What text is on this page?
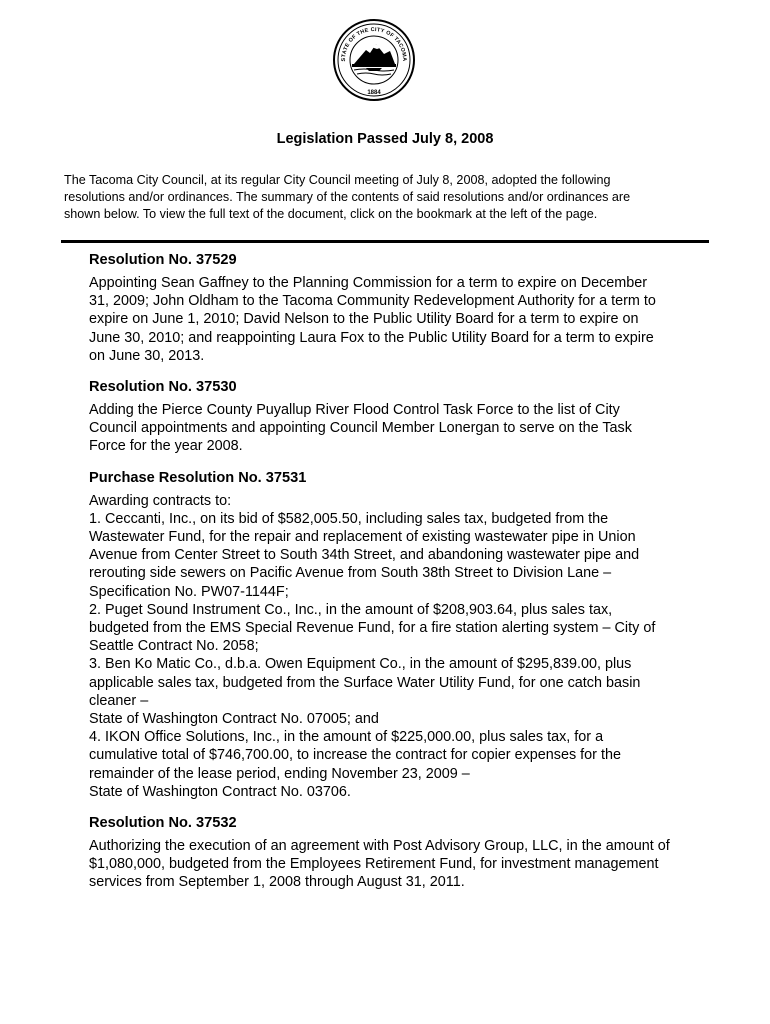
STATE OF THE CITY OF TACOMA
1884
Legislation Passed July 8, 2008

The Tacoma City Council, at its regular City Council meeting of July 8, 2008, adopted the following

resolutions and/or ordinances. The summary of the contents of said resolutions and/or ordinances are

shown below. To view the full text of the document, click on the bookmark at the left of the page.

Resolution No. 37529

Appointing Sean Gaffney to the Planning Commission for a term to expire on December

31, 2009; John Oldham to the Tacoma Community Redevelopment Authority for a term to

expire on June 1, 2010; David Nelson to the Public Utility Board for a term to expire on

June 30, 2010; and reappointing Laura Fox to the Public Utility Board for a term to expire

on June 30, 2013.

Resolution No. 37530

Adding the Pierce County Puyallup River Flood Control Task Force to the list of City

Council appointments and appointing Council Member Lonergan to serve on the Task

Force for the year 2008.

Purchase Resolution No. 37531

Awarding contracts to:

1. Ceccanti, Inc., on its bid of $582,005.50, including sales tax, budgeted from the

Wastewater Fund, for the repair and replacement of existing wastewater pipe in Union

Avenue from Center Street to South 34th Street, and abandoning wastewater pipe and

rerouting side sewers on Pacific Avenue from South 38th Street to Division Lane –

Specification No. PW07-1144F;

2. Puget Sound Instrument Co., Inc., in the amount of $208,903.64, plus sales tax,

budgeted from the EMS Special Revenue Fund, for a fire station alerting system – City of

Seattle Contract No. 2058;

3. Ben Ko Matic Co., d.b.a. Owen Equipment Co., in the amount of $295,839.00, plus

applicable sales tax, budgeted from the Surface Water Utility Fund, for one catch basin

cleaner –

State of Washington Contract No. 07005; and

4. IKON Office Solutions, Inc., in the amount of $225,000.00, plus sales tax, for a

cumulative total of $746,700.00, to increase the contract for copier expenses for the

remainder of the lease period, ending November 23, 2009 –

State of Washington Contract No. 03706.

Resolution No. 37532

Authorizing the execution of an agreement with Post Advisory Group, LLC, in the amount of

$1,080,000, budgeted from the Employees Retirement Fund, for investment management

services from September 1, 2008 through August 31, 2011.
